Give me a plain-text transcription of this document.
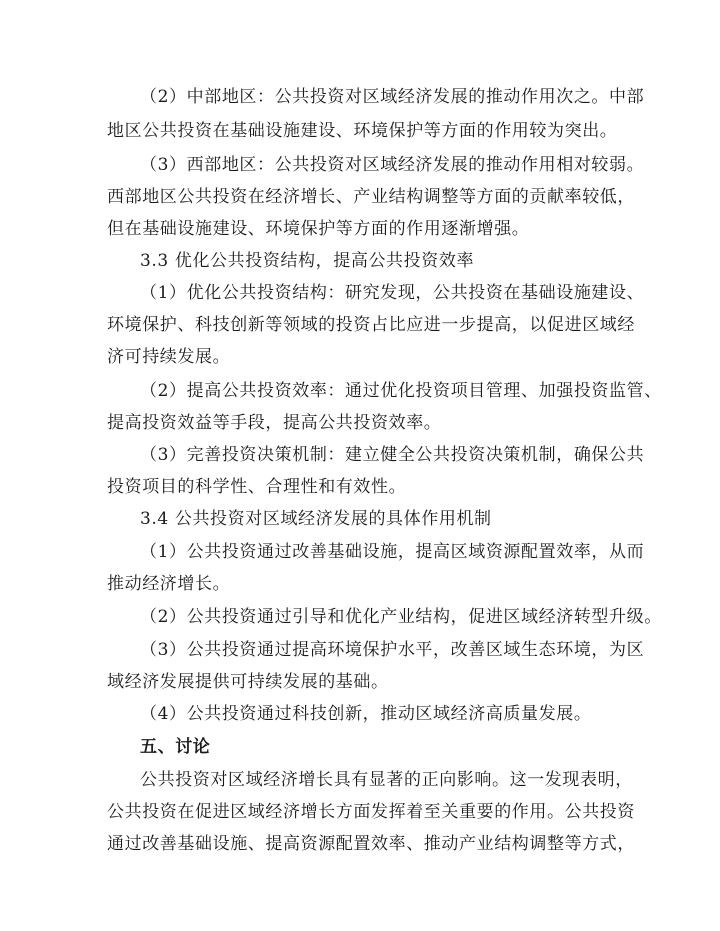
（2）中部地区：公共投资对区域经济发展的推动作用次之。中部

地区公共投资在基础设施建设、环境保护等方面的作用较为突出。

（3）西部地区：公共投资对区域经济发展的推动作用相对较弱。

西部地区公共投资在经济增长、产业结构调整等方面的贡献率较低，

但在基础设施建设、环境保护等方面的作用逐渐增强。

3.3 优化公共投资结构，提高公共投资效率

（1）优化公共投资结构：研究发现，公共投资在基础设施建设、

环境保护、科技创新等领域的投资占比应进一步提高，以促进区域经

济可持续发展。

（2）提高公共投资效率：通过优化投资项目管理、加强投资监管、

提高投资效益等手段，提高公共投资效率。

（3）完善投资决策机制：建立健全公共投资决策机制，确保公共

投资项目的科学性、合理性和有效性。

3.4 公共投资对区域经济发展的具体作用机制

（1）公共投资通过改善基础设施，提高区域资源配置效率，从而

推动经济增长。

（2）公共投资通过引导和优化产业结构，促进区域经济转型升级。

（3）公共投资通过提高环境保护水平，改善区域生态环境，为区

域经济发展提供可持续发展的基础。

（4）公共投资通过科技创新，推动区域经济高质量发展。

五、讨论

公共投资对区域经济增长具有显著的正向影响。这一发现表明，

公共投资在促进区域经济增长方面发挥着至关重要的作用。公共投资

通过改善基础设施、提高资源配置效率、推动产业结构调整等方式，
